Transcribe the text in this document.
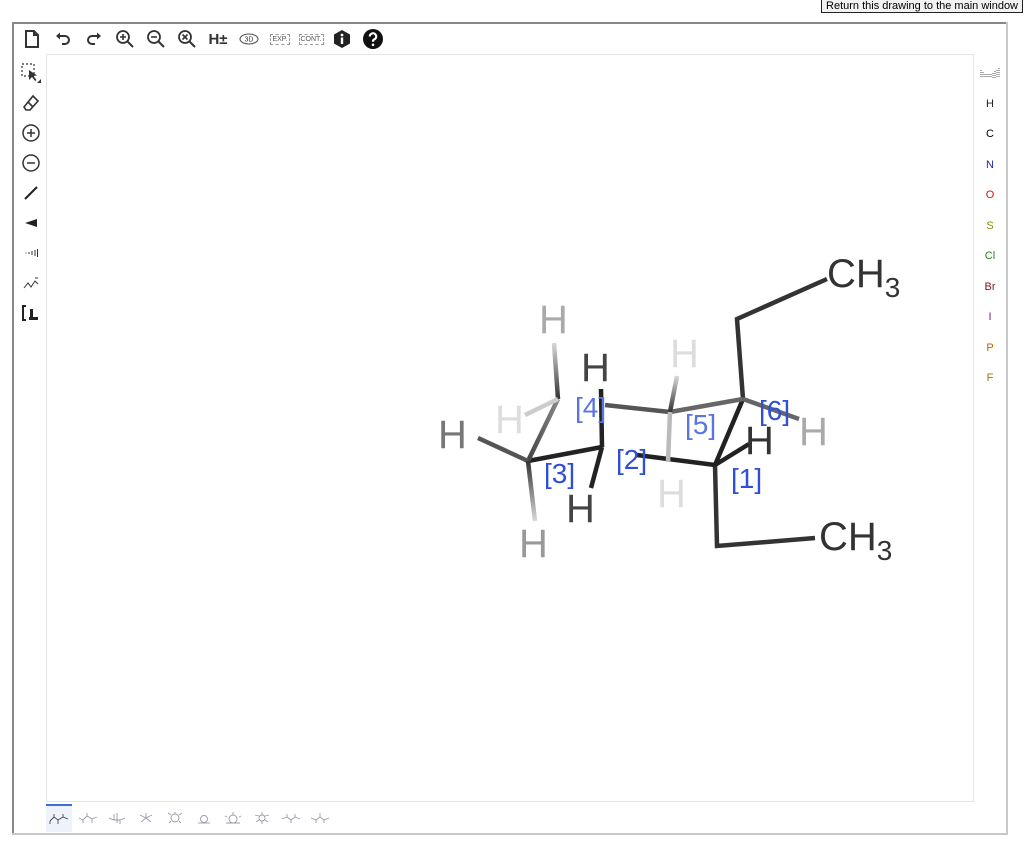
Return this drawing to the main window
H± 3D	EXP. CONT.
$CH_3$
$CH_3$
H
H H
H
H	H H
H H
H
[1]
[2]
[3]
[4]
[5] [6]
H
C
N
O
S
Cl
Br
I
P
F
